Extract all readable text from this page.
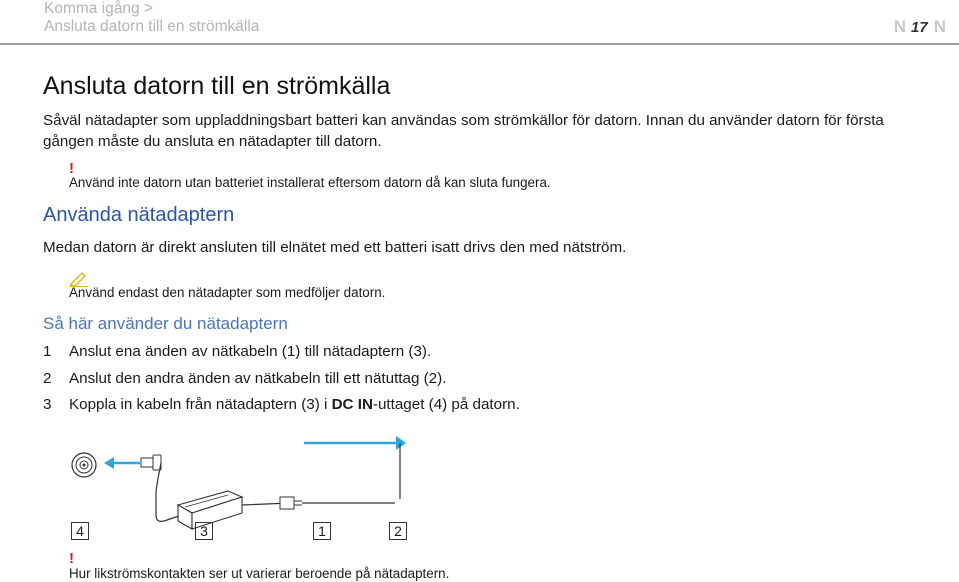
Komma igång >
Ansluta datorn till en strömkälla	N 17 N
Ansluta datorn till en strömkälla
Såväl nätadapter som uppladdningsbart batteri kan användas som strömkällor för datorn. Innan du använder datorn för första gången måste du ansluta en nätadapter till datorn.
!
Använd inte datorn utan batteriet installerat eftersom datorn då kan sluta fungera.
Använda nätadaptern
Medan datorn är direkt ansluten till elnätet med ett batteri isatt drivs den med nätström.
Använd endast den nätadapter som medföljer datorn.
Så här använder du nätadaptern
1 Anslut ena änden av nätkabeln (1) till nätadaptern (3).
2 Anslut den andra änden av nätkabeln till ett nätuttag (2).
3 Koppla in kabeln från nätadaptern (3) i DC IN-uttaget (4) på datorn.
4	3	1	2
!
Hur likströmskontakten ser ut varierar beroende på nätadaptern.
